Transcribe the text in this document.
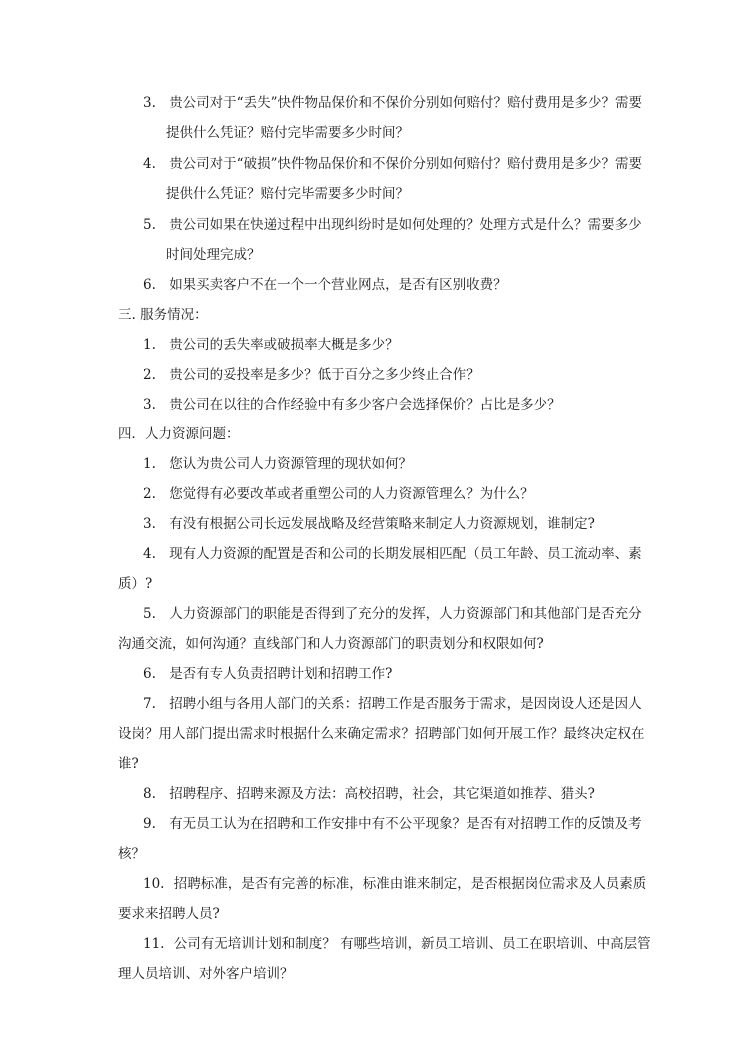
3. 贵公司对于“丢失”快件物品保价和不保价分别如何赔付？赔付费用是多少？需要
提供什么凭证？赔付完毕需要多少时间？
4. 贵公司对于“破损”快件物品保价和不保价分别如何赔付？赔付费用是多少？需要
提供什么凭证？赔付完毕需要多少时间？
5. 贵公司如果在快递过程中出现纠纷时是如何处理的？处理方式是什么？需要多少
时间处理完成？
6. 如果买卖客户不在一个一个营业网点，是否有区别收费？
三. 服务情况：
1. 贵公司的丢失率或破损率大概是多少？
2. 贵公司的妥投率是多少？低于百分之多少终止合作？
3. 贵公司在以往的合作经验中有多少客户会选择保价？占比是多少？
四．人力资源问题：
1. 您认为贵公司人力资源管理的现状如何？
2. 您觉得有必要改革或者重塑公司的人力资源管理么？为什么？
3. 有没有根据公司长远发展战略及经营策略来制定人力资源规划，谁制定?
4. 现有人力资源的配置是否和公司的长期发展相匹配（员工年龄、员工流动率、素
质）?
5. 人力资源部门的职能是否得到了充分的发挥，人力资源部门和其他部门是否充分
沟通交流，如何沟通？直线部门和人力资源部门的职责划分和权限如何?
6. 是否有专人负责招聘计划和招聘工作?
7. 招聘小组与各用人部门的关系：招聘工作是否服务于需求，是因岗设人还是因人
设岗？用人部门提出需求时根据什么来确定需求？招聘部门如何开展工作？最终决定权在
谁?
8. 招聘程序、招聘来源及方法：高校招聘，社会，其它渠道如推荐、猎头?
9. 有无员工认为在招聘和工作安排中有不公平现象？是否有对招聘工作的反馈及考
核？
10. 招聘标准，是否有完善的标准，标准由谁来制定，是否根据岗位需求及人员素质
要求来招聘人员?
11. 公司有无培训计划和制度？ 有哪些培训，新员工培训、员工在职培训、中高层管
理人员培训、对外客户培训？
